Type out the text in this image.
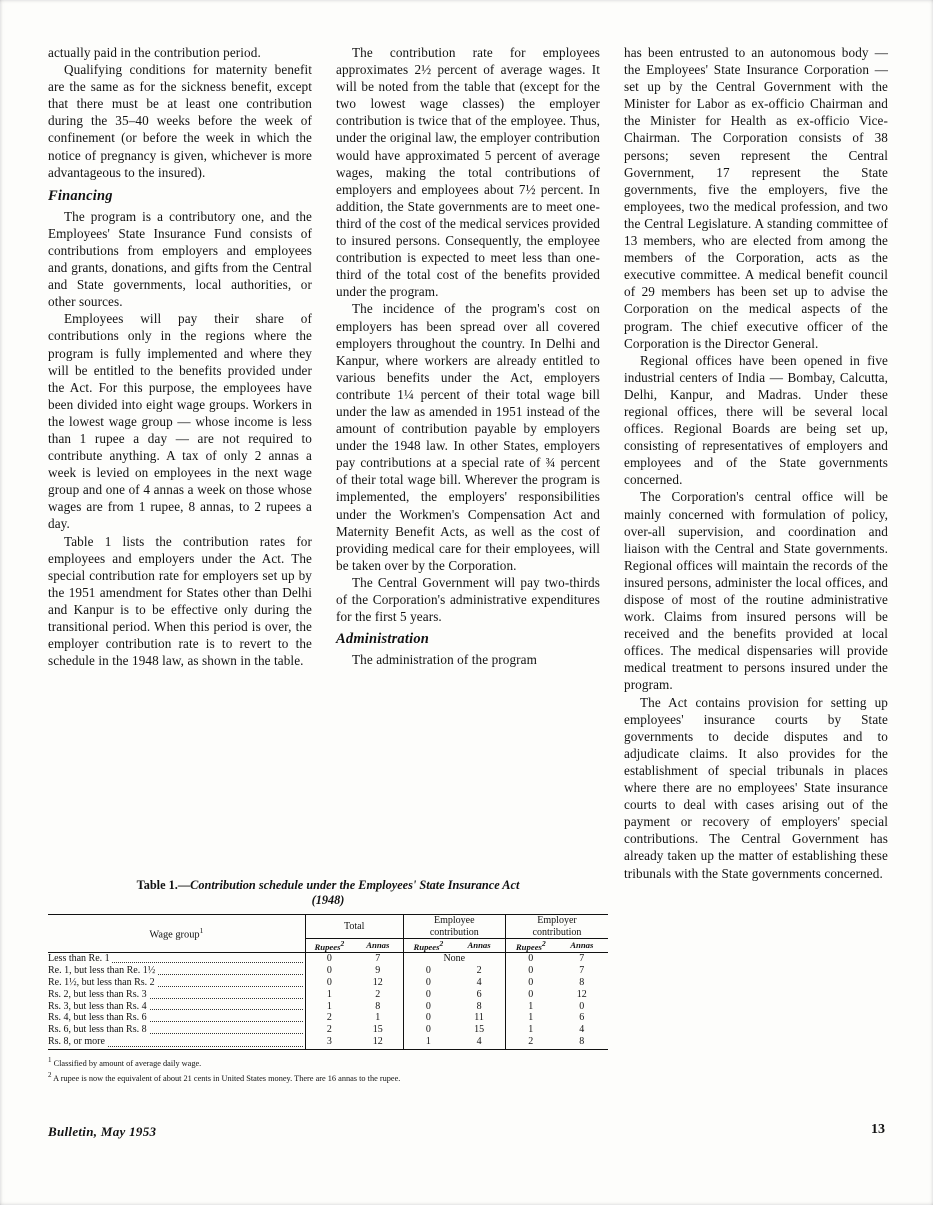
actually paid in the contribution period.

Qualifying conditions for maternity benefit are the same as for the sickness benefit, except that there must be at least one contribution during the 35–40 weeks before the week of confinement (or before the week in which the notice of pregnancy is given, whichever is more advantageous to the insured).

Financing

The program is a contributory one, and the Employees' State Insurance Fund consists of contributions from employers and employees and grants, donations, and gifts from the Central and State governments, local authorities, or other sources.

Employees will pay their share of contributions only in the regions where the program is fully implemented and where they will be entitled to the benefits provided under the Act. For this purpose, the employees have been divided into eight wage groups. Workers in the lowest wage group — whose income is less than 1 rupee a day — are not required to contribute anything. A tax of only 2 annas a week is levied on employees in the next wage group and one of 4 annas a week on those whose wages are from 1 rupee, 8 annas, to 2 rupees a day.

Table 1 lists the contribution rates for employees and employers under the Act. The special contribution rate for employers set up by the 1951 amendment for States other than Delhi and Kanpur is to be effective only during the transitional period. When this period is over, the employer contribution rate is to revert to the schedule in the 1948 law, as shown in the table.

The contribution rate for employees approximates 2½ percent of average wages. It will be noted from the table that (except for the two lowest wage classes) the employer contribution is twice that of the employee. Thus, under the original law, the employer contribution would have approximated 5 percent of average wages, making the total contributions of employers and employees about 7½ percent. In addition, the State governments are to meet one-third of the cost of the medical services provided to insured persons. Consequently, the employee contribution is expected to meet less than one-third of the total cost of the benefits provided under the program.

The incidence of the program's cost on employers has been spread over all covered employers throughout the country. In Delhi and Kanpur, where workers are already entitled to various benefits under the Act, employers contribute 1¼ percent of their total wage bill under the law as amended in 1951 instead of the amount of contribution payable by employers under the 1948 law. In other States, employers pay contributions at a special rate of ¾ percent of their total wage bill. Wherever the program is implemented, the employers' responsibilities under the Workmen's Compensation Act and Maternity Benefit Acts, as well as the cost of providing medical care for their employees, will be taken over by the Corporation.

The Central Government will pay two-thirds of the Corporation's administrative expenditures for the first 5 years.

Administration

The administration of the program

has been entrusted to an autonomous body — the Employees' State Insurance Corporation — set up by the Central Government with the Minister for Labor as ex-officio Chairman and the Minister for Health as ex-officio Vice-Chairman. The Corporation consists of 38 persons; seven represent the Central Government, 17 represent the State governments, five the employers, five the employees, two the medical profession, and two the Central Legislature. A standing committee of 13 members, who are elected from among the members of the Corporation, acts as the executive committee. A medical benefit council of 29 members has been set up to advise the Corporation on the medical aspects of the program. The chief executive officer of the Corporation is the Director General.

Regional offices have been opened in five industrial centers of India — Bombay, Calcutta, Delhi, Kanpur, and Madras. Under these regional offices, there will be several local offices. Regional Boards are being set up, consisting of representatives of employers and employees and of the State governments concerned.

The Corporation's central office will be mainly concerned with formulation of policy, over-all supervision, and coordination and liaison with the Central and State governments. Regional offices will maintain the records of the insured persons, administer the local offices, and dispose of most of the routine administrative work. Claims from insured persons will be received and the benefits provided at local offices. The medical dispensaries will provide medical treatment to persons insured under the program.

The Act contains provision for setting up employees' insurance courts by State governments to decide disputes and to adjudicate claims. It also provides for the establishment of special tribunals in places where there are no employees' State insurance courts to deal with cases arising out of the payment or recovery of employers' special contributions. The Central Government has already taken up the matter of establishing these tribunals with the State governments concerned.

Table 1.—Contribution schedule under the Employees' State Insurance Act
(1948)
Wage group$^1$	Total		Employee
contribution		Employer
contribution	
	Rupees$^2$	Annas	Rupees$^2$	Annas	Rupees$^2$	Annas

Less than Re. 1	0	7	None		0	7

Re. 1, but less than Re. 1½	0	9	0	2	0	7

Re. 1½, but less than Rs. 2	0	12	0	4	0	8

Rs. 2, but less than Rs. 3	1	2	0	6	0	12

Rs. 3, but less than Rs. 4	1	8	0	8	1	0

Rs. 4, but less than Rs. 6	2	1	0	11	1	6

Rs. 6, but less than Rs. 8	2	15	0	15	1	4

Rs. 8, or more	3	12	1	4	2	8

$^1$ Classified by amount of average daily wage.
$^2$ A rupee is now the equivalent of about 21 cents in United States money. There are 16 annas to the rupee.
Bulletin, May 1953	13
